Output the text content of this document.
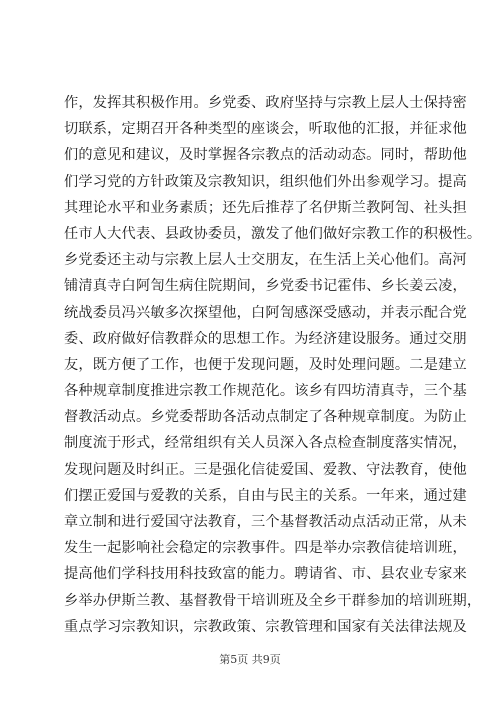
作，发挥其积极作用。乡党委、政府坚持与宗教上层人士保持密
切联系，定期召开各种类型的座谈会，听取他的汇报，并征求他
们的意见和建议，及时掌握各宗教点的活动动态。同时，帮助他
们学习党的方针政策及宗教知识，组织他们外出参观学习。提高
其理论水平和业务素质；还先后推荐了名伊斯兰教阿訇、社头担
任市人大代表、县政协委员，激发了他们做好宗教工作的积极性。
乡党委还主动与宗教上层人士交朋友，在生活上关心他们。高河
铺清真寺白阿訇生病住院期间，乡党委书记霍伟、乡长姜云凌，
统战委员冯兴敏多次探望他，白阿訇感深受感动，并表示配合党
委、政府做好信教群众的思想工作。为经济建设服务。通过交朋
友，既方便了工作，也便于发现问题，及时处理问题。二是建立
各种规章制度推进宗教工作规范化。该乡有四坊清真寺，三个基
督教活动点。乡党委帮助各活动点制定了各种规章制度。为防止
制度流于形式，经常组织有关人员深入各点检查制度落实情况，
发现问题及时纠正。三是强化信徒爱国、爱教、守法教育，使他
们摆正爱国与爱教的关系，自由与民主的关系。一年来，通过建
章立制和进行爱国守法教育，三个基督教活动点活动正常，从未
发生一起影响社会稳定的宗教事件。四是举办宗教信徒培训班，
提高他们学科技用科技致富的能力。聘请省、市、县农业专家来
乡举办伊斯兰教、基督教骨干培训班及全乡干群参加的培训班期，
重点学习宗教知识，宗教政策、宗教管理和国家有关法律法规及
第5页 共9页
